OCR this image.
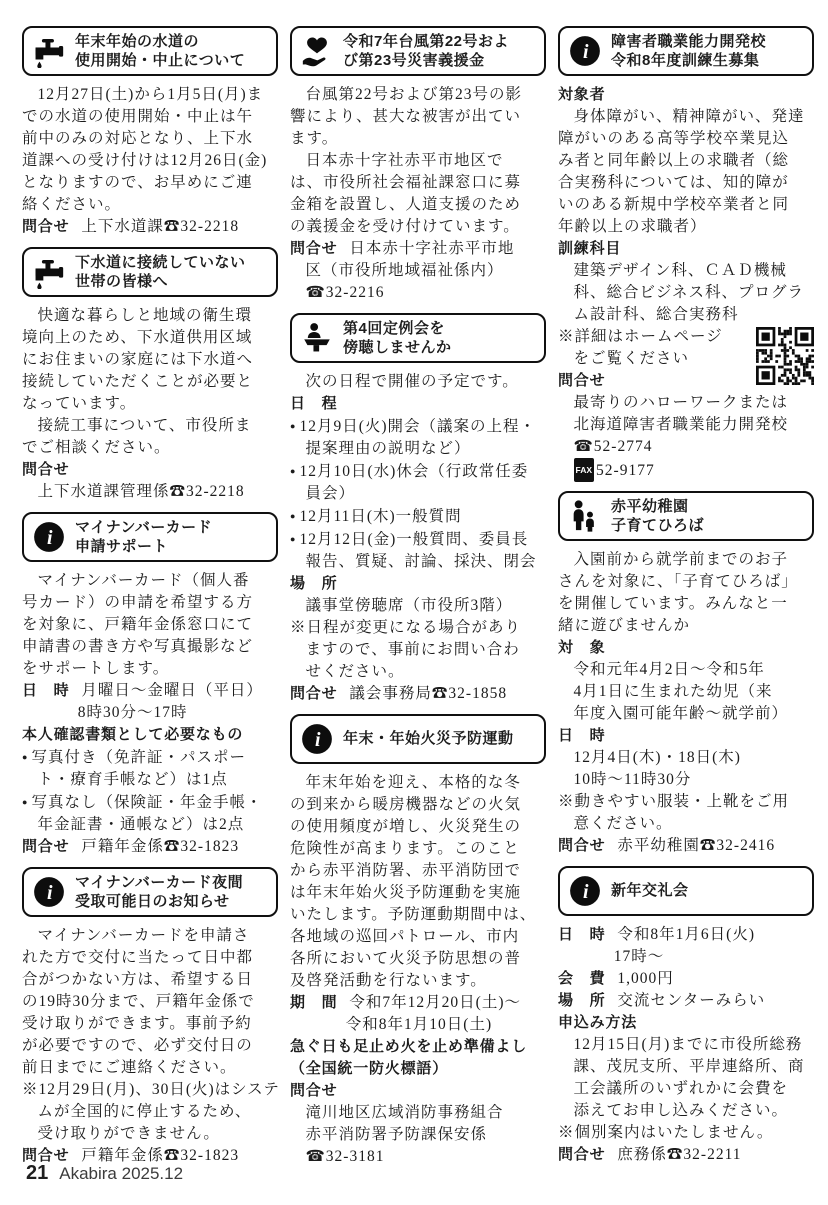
年末年始の水道の
使用開始・中止について
12月27日(土)から1月5日(月)ま
での水道の使用開始・中止は午
前中のみの対応となり、上下水
道課への受け付けは12月26日(金)
となりますので、お早めにご連
絡ください。
問合せ 上下水道課☎32-2218
下水道に接続していない
世帯の皆様へ
快適な暮らしと地域の衛生環
境向上のため、下水道供用区域
にお住まいの家庭には下水道へ
接続していただくことが必要と
なっています。
接続工事について、市役所ま
でご相談ください。
問合せ
上下水道課管理係☎32-2218
i
マイナンバーカード
申請サポート
マイナンバーカード（個人番
号カード）の申請を希望する方
を対象に、戸籍年金係窓口にて
申請書の書き方や写真撮影など
をサポートします。
日　時 月曜日〜金曜日（平日）
8時30分〜17時
本人確認書類として必要なもの
● 写真付き（免許証・パスポー
ト・療育手帳など）は1点
● 写真なし（保険証・年金手帳・
年金証書・通帳など）は2点
問合せ 戸籍年金係☎32-1823
i
マイナンバーカード夜間
受取可能日のお知らせ
マイナンバーカードを申請さ
れた方で交付に当たって日中都
合がつかない方は、希望する日
の19時30分まで、戸籍年金係で
受け取りができます。事前予約
が必要ですので、必ず交付日の
前日までにご連絡ください。
※12月29日(月)、30日(火)はシステ
ムが全国的に停止するため、
受け取りができません。
問合せ 戸籍年金係☎32-1823
令和7年台風第22号およ
び第23号災害義援金
台風第22号および第23号の影
響により、甚大な被害が出てい
ます。
日本赤十字社赤平市地区で
は、市役所社会福祉課窓口に募
金箱を設置し、人道支援のため
の義援金を受け付けています。
問合せ 日本赤十字社赤平市地
区（市役所地域福祉係内）
☎32-2216
第4回定例会を
傍聴しませんか
次の日程で開催の予定です。
日　程
● 12月9日(火)開会（議案の上程・
提案理由の説明など）
● 12月10日(水)休会（行政常任委
員会）
● 12月11日(木)一般質問
● 12月12日(金)一般質問、委員長
報告、質疑、討論、採決、閉会
場　所
議事堂傍聴席（市役所3階）
※日程が変更になる場合があり
ますので、事前にお問い合わ
せください。
問合せ 議会事務局☎32-1858
i 年末・年始火災予防運動
年末年始を迎え、本格的な冬
の到来から暖房機器などの火気
の使用頻度が増し、火災発生の
危険性が高まります。このこと
から赤平消防署、赤平消防団で
は年末年始火災予防運動を実施
いたします。予防運動期間中は、
各地域の巡回パトロール、市内
各所において火災予防思想の普
及啓発活動を行ないます。
期　間 令和7年12月20日(土)〜
令和8年1月10日(土)
急ぐ日も足止め火を止め準備よし
（全国統一防火標語）
問合せ
滝川地区広域消防事務組合
赤平消防署予防課保安係
☎32-3181
i
障害者職業能力開発校
令和8年度訓練生募集
対象者
身体障がい、精神障がい、発達
障がいのある高等学校卒業見込
み者と同年齢以上の求職者（総
合実務科については、知的障が
いのある新規中学校卒業者と同
年齢以上の求職者）
訓練科目
建築デザイン科、ＣＡＤ機械
科、総合ビジネス科、プログラ
ム設計科、総合実務科
※詳細はホームページ
をご覧ください
問合せ
最寄りのハローワークまたは
北海道障害者職業能力開発校
☎52-2774
FAX 52-9177
赤平幼稚園
子育てひろば
入園前から就学前までのお子
さんを対象に、「子育てひろば」
を開催しています。みんなと一
緒に遊びませんか
対　象
令和元年4月2日〜令和5年
4月1日に生まれた幼児（来
年度入園可能年齢〜就学前）
日　時
12月4日(木)・18日(木)
10時〜11時30分
※動きやすい服装・上靴をご用
意ください。
問合せ 赤平幼稚園☎32-2416
i 新年交礼会
日　時 令和8年1月6日(火)
17時〜
会　費 1,000円
場　所 交流センターみらい
申込み方法
12月15日(月)までに市役所総務
課、茂尻支所、平岸連絡所、商
工会議所のいずれかに会費を
添えてお申し込みください。
※個別案内はいたしません。
問合せ 庶務係☎32-2211
21 Akabira 2025.12
